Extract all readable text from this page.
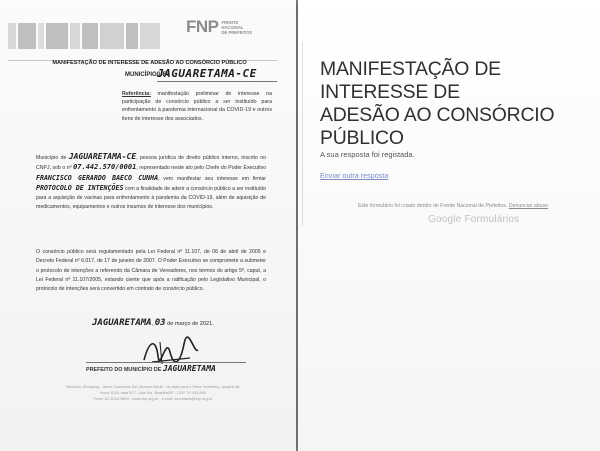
FNP FRENTE
NACIONAL
DE PREFEITOS
MANIFESTAÇÃO DE INTERESSE DE ADESÃO AO CONSÓRCIO PÚBLICO
MUNICÍPIO/UF:
JAGUARETAMA-CE
Referência: manifestação preliminar de interesse na participação de consórcio público a ser instituído para enfrentamento à pandemia internacional da COVID-19 e outros itens de interesse dos associados.
Município de JAGUARETAMA-CE, pessoa jurídica de direito público interno, inscrito no CNPJ, sob o nº 07.442.570/0001, representado neste ato pelo Chefe do Poder Executivo FRANCISCO GERARDO BAECO CUNHA, vem manifestar seu interesse em firmar PROTOCOLO DE INTENÇÕES com a finalidade de aderir a consórcio público a ser instituído para a aquisição de vacinas para enfrentamento à pandemia da COVID-19, além de aquisição de medicamentos, equipamentos e outros insumos de interesse dos municípios.
O consórcio público será regulamentado pela Lei Federal nº 11.107, de 06 de abril de 2005 e Decreto Federal nº 6.017, de 17 de janeiro de 2007. O Poder Executivo se compromete a submeter o protocolo de intenções a referendo da Câmara de Vereadores, nos termos do artigo 5º, caput, a Lei Federal nº 11.107/2005, estando ciente que após a ratificação pelo Legislativo Municipal, o protocolo de intenções será convertido em contrato de consórcio público.
JAGUARETAMA, 03 de março de 2021.
PREFEITO DO MUNICÍPIO DE JAGUARETAMA
Venâncio Shopping - Setor Comercial Sul (Acesso Norte - do lado para o Setor Hoteleiro), quadra 08,
bloco B-50, sala 527 - Asa Sul, Brasília/DF - CEP 70.333-900
Fone: 61 3044-9800 - www.fnp.org.br - e-mail: secretaria@fnp.org.br
MANIFESTAÇÃO DE INTERESSE DE
ADESÃO AO CONSÓRCIO PÚBLICO
A sua resposta foi registada.
Enviar outra resposta
Este formulário foi criado dentro de Frente Nacional de Prefeitos. Denunciar abuso
Google Formulários
